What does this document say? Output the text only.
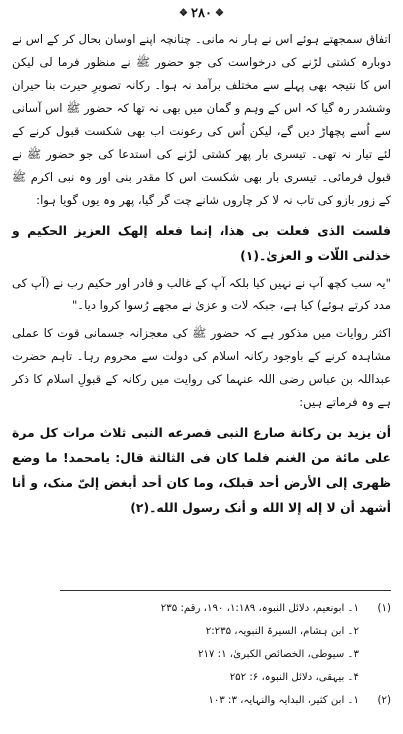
❖ ۲۸۰ ❖

اتفاق سمجھتے ہوئے اس نے ہار نہ مانی۔ چنانچہ اپنے اوسان بحال کر کے اس نے دوبارہ کشتی لڑنے کی درخواست کی جو حضور ﷺ نے منظور فرما لی لیکن اس کا نتیجہ بھی پہلے سے مختلف برآمد نہ ہوا۔ رکانہ تصویرِ حیرت بنا حیران وششدر رہ گیا کہ اس کے وہم و گمان میں بھی نہ تھا کہ حضور ﷺ اس آسانی سے اُسے پچھاڑ دیں گے، لیکن اُس کی رعونت اب بھی شکست قبول کرنے کے لئے تیار نہ تھی۔ تیسری بار پھر کشتی لڑنے کی استدعا کی جو حضور ﷺ نے قبول فرمائی۔ تیسری بار بھی شکست اس کا مقدر بنی اور وہ نبی اکرم ﷺ کے زور بازو کی تاب نہ لا کر چاروں شانے چت گر گیا، پھر وہ یوں گویا ہوا:

فلست الذی فعلت بی هذا، إنما فعله إلهک العزیز الحکیم و خذلنی اللّات و العزیٰ۔(۱)

"یہ سب کچھ آپ نے نہیں کیا بلکہ آپ کے غالب و قادر اور حکیم رب نے (آپ کی مدد کرتے ہوئے) کیا ہے، جبکہ لات و عزیٰ نے مجھے رُسوا کروا دیا۔"

اکثر روایات میں مذکور ہے کہ حضور ﷺ کی معجزانہ جسمانی قوت کا عملی مشاہدہ کرنے کے باوجود رکانہ اسلام کی دولت سے محروم رہا۔ تاہم حضرت عبداللہ بن عباس رضی اللہ عنہما کی روایت میں رکانہ کے قبولِ اسلام کا ذکر ہے وہ فرماتے ہیں:

أن یزید بن رکانة صارع النبی فصرعه النبی ثلاث مرات کل مرة علی مائة من الغنم فلما کان فی الثالثة قال: یامحمد! ما وضع ظهری إلی الأرض أحد قبلک، وما کان أحد أبغض إلیّ منک، و أنا أشهد أن لا إله إلا الله و أنک رسول الله۔(۲)

(۱)
۱۔ ابونعیم، دلائل النبوہ، ۱:۱۸۹، ۱۹۰، رقم: ۲۳۵
۲۔ ابن ہشام، السیرۃ النبویہ، ۲:۲۳۵
۳۔ سیوطی، الخصائص الکبریٰ، ۱: ۲۱۷
۴۔ بیہقی، دلائل النبوہ، ۶: ۲۵۲
(۲)
۱۔ ابن کثیر، البدایہ والنہایہ، ۳: ۱۰۳
